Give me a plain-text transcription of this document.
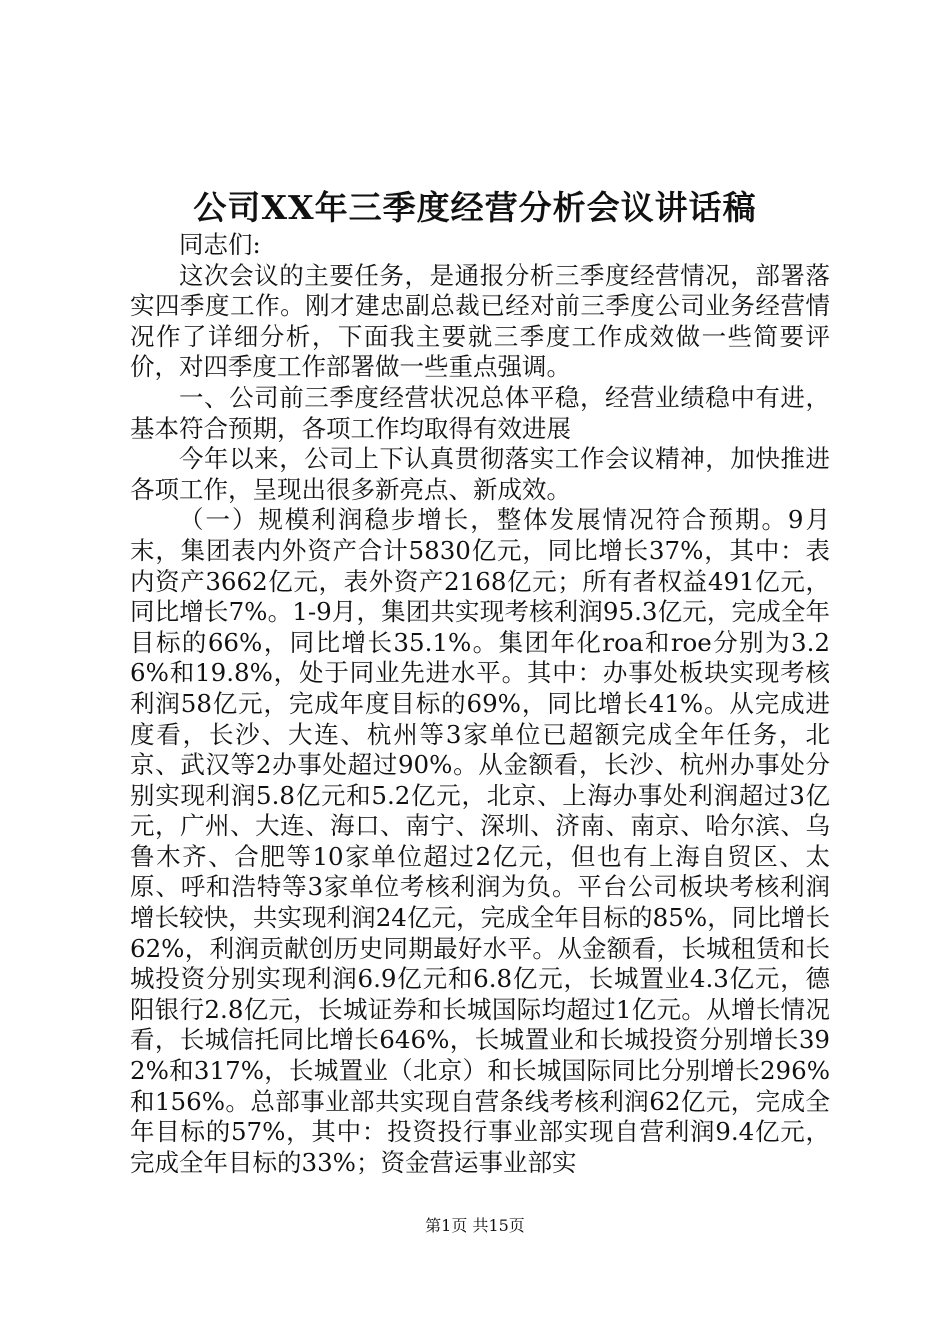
公司XX年三季度经营分析会议讲话稿

同志们:

这次会议的主要任务，是通报分析三季度经营情况，部署落实四季度工作。刚才建忠副总裁已经对前三季度公司业务经营情况作了详细分析，下面我主要就三季度工作成效做一些简要评价，对四季度工作部署做一些重点强调。

一、公司前三季度经营状况总体平稳，经营业绩稳中有进，基本符合预期，各项工作均取得有效进展

今年以来，公司上下认真贯彻落实工作会议精神，加快推进各项工作，呈现出很多新亮点、新成效。

（一）规模利润稳步增长，整体发展情况符合预期。9月末，集团表内外资产合计5830亿元，同比增长37%，其中：表内资产3662亿元，表外资产2168亿元；所有者权益491亿元，同比增长7%。1-9月，集团共实现考核利润95.3亿元，完成全年目标的66%，同比增长35.1%。集团年化roa和roe分别为3.26%和19.8%，处于同业先进水平。其中：办事处板块实现考核利润58亿元，完成年度目标的69%，同比增长41%。从完成进度看，长沙、大连、杭州等3家单位已超额完成全年任务，北京、武汉等2办事处超过90%。从金额看，长沙、杭州办事处分别实现利润5.8亿元和5.2亿元，北京、上海办事处利润超过3亿元，广州、大连、海口、南宁、深圳、济南、南京、哈尔滨、乌鲁木齐、合肥等10家单位超过2亿元，但也有上海自贸区、太原、呼和浩特等3家单位考核利润为负。平台公司板块考核利润增长较快，共实现利润24亿元，完成全年目标的85%，同比增长62%，利润贡献创历史同期最好水平。从金额看，长城租赁和长城投资分别实现利润6.9亿元和6.8亿元，长城置业4.3亿元，德阳银行2.8亿元，长城证券和长城国际均超过1亿元。从增长情况看，长城信托同比增长646%，长城置业和长城投资分别增长392%和317%，长城置业（北京）和长城国际同比分别增长296%和156%。总部事业部共实现自营条线考核利润62亿元，完成全年目标的57%，其中：投资投行事业部实现自营利润9.4亿元，完成全年目标的33%；资金营运事业部实

第1页 共15页
